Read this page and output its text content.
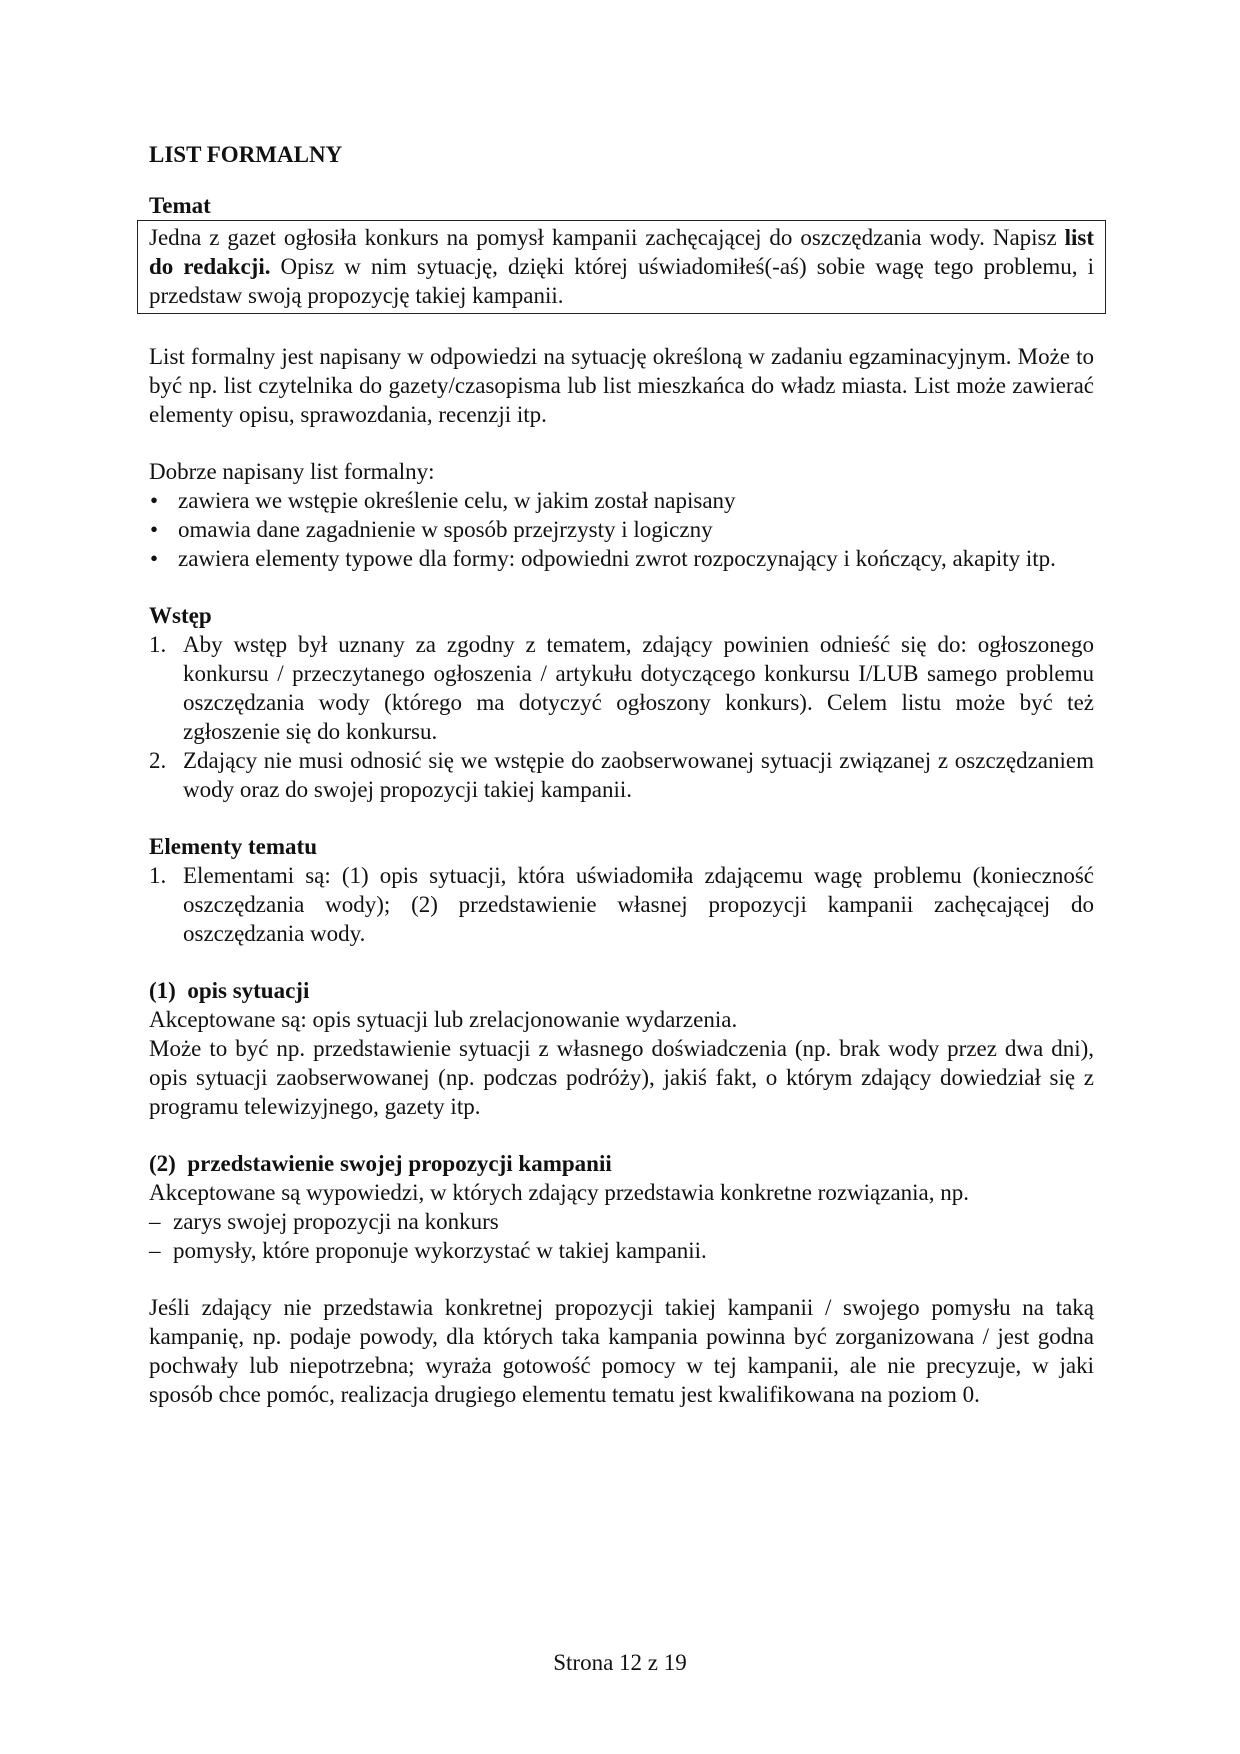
LIST FORMALNY
Temat
Jedna z gazet ogłosiła konkurs na pomysł kampanii zachęcającej do oszczędzania wody. Napisz list do redakcji. Opisz w nim sytuację, dzięki której uświadomiłeś(-aś) sobie wagę tego problemu, i przedstaw swoją propozycję takiej kampanii.

List formalny jest napisany w odpowiedzi na sytuację określoną w zadaniu egzaminacyjnym. Może to być np. list czytelnika do gazety/czasopisma lub list mieszkańca do władz miasta. List może zawierać elementy opisu, sprawozdania, recenzji itp.

Dobrze napisany list formalny:

• zawiera we wstępie określenie celu, w jakim został napisany
• omawia dane zagadnienie w sposób przejrzysty i logiczny
• zawiera elementy typowe dla formy: odpowiedni zwrot rozpoczynający i kończący, akapity itp.
Wstęp
1. Aby wstęp był uznany za zgodny z tematem, zdający powinien odnieść się do: ogłoszonego konkursu / przeczytanego ogłoszenia / artykułu dotyczącego konkursu I/LUB samego problemu oszczędzania wody (którego ma dotyczyć ogłoszony konkurs). Celem listu może być też zgłoszenie się do konkursu.
2. Zdający nie musi odnosić się we wstępie do zaobserwowanej sytuacji związanej z oszczędzaniem wody oraz do swojej propozycji takiej kampanii.
Elementy tematu
1. Elementami są: (1) opis sytuacji, która uświadomiła zdającemu wagę problemu (konieczność oszczędzania wody); (2) przedstawienie własnej propozycji kampanii zachęcającej do oszczędzania wody.
(1)  opis sytuacji

Akceptowane są: opis sytuacji lub zrelacjonowanie wydarzenia.

Może to być np. przedstawienie sytuacji z własnego doświadczenia (np. brak wody przez dwa dni), opis sytuacji zaobserwowanej (np. podczas podróży), jakiś fakt, o którym zdający dowiedział się z programu telewizyjnego, gazety itp.

(2)  przedstawienie swojej propozycji kampanii

Akceptowane są wypowiedzi, w których zdający przedstawia konkretne rozwiązania, np.

– zarys swojej propozycji na konkurs
– pomysły, które proponuje wykorzystać w takiej kampanii.

Jeśli zdający nie przedstawia konkretnej propozycji takiej kampanii / swojego pomysłu na taką kampanię, np. podaje powody, dla których taka kampania powinna być zorganizowana / jest godna pochwały lub niepotrzebna; wyraża gotowość pomocy w tej kampanii, ale nie precyzuje, w jaki sposób chce pomóc, realizacja drugiego elementu tematu jest kwalifikowana na poziom 0.

Strona 12 z 19
